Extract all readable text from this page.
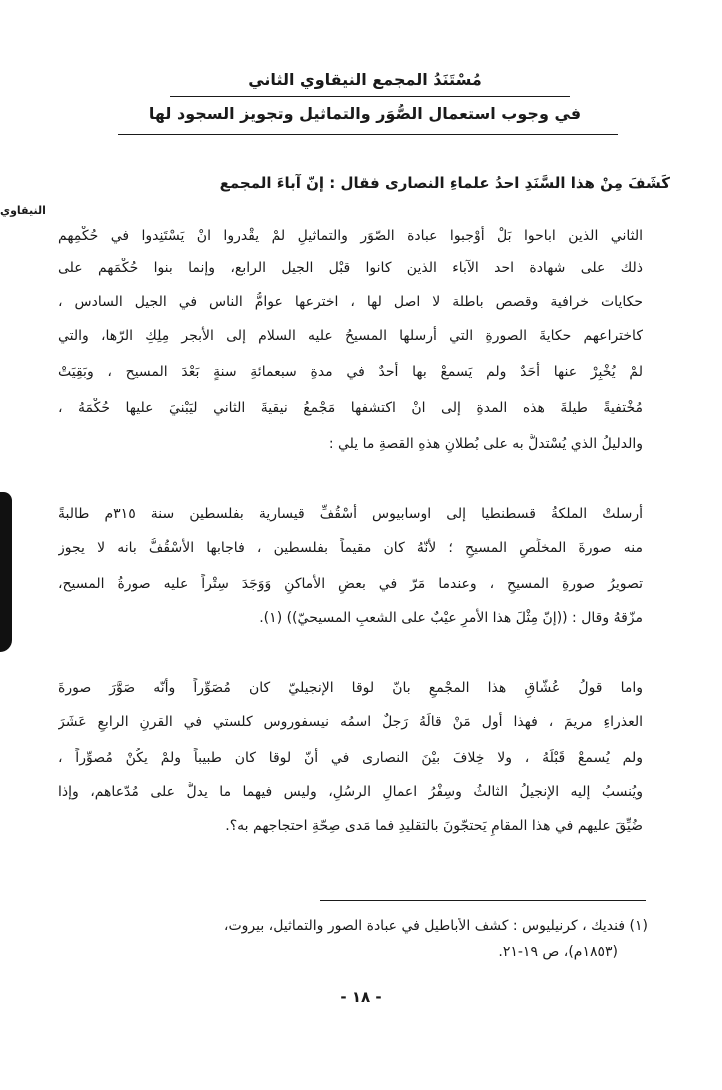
مُسْتَنَدُ المجمع النيقاوي الثاني
في وجوب استعمال الصُّوَر والتماثيل وتجويز السجود لها
كَشَفَ مِنْ هذا السَّنَدِ احدُ علماءِ النصارى فقال : إنّ آباءَ المجمع
النيقاوي
الثاني الذين اباحوا بَلْ أَوْجبوا عبادة الصّوَر والتماثيلِ لمْ يقْدروا انْ يَسْتَنِدوا في حُكْمِهم
ذلك على شهادة احد الآباء الذين كانوا قبْل الجيل الرابع، وإنما بنوا حُكْمَهم على
حكايات خرافية وقصص باطلة لا اصل لها ، اخترعها عوامُّ الناس في الجيل السادس ،
كاختراعهم حكايةَ الصورةِ التي أرسلها المسيحُ عليه السلام إلى الأبجر مِلِكِ الرّها، والتي
لمْ يُخْبِرْ عنها أحَدٌ ولم يَسمعْ بها أحدٌ في مدةِ سبعمائةِ سنةٍ بَعْدَ المسيح ، وبَقِيَتْ
مُخْتفيةً طيلةَ هذه المدةِ إلى انْ اكتشفها مَجْمعُ نيقيةَ الثاني ليَبْنيَ عليها حُكْمَهُ ،
والدليلُ الذي يُسْتدلُّ به على بُطلانِ هذهِ القصةِ ما يلي :
أرسلتْ الملكةُ قسطنطيا إلى اوسابيوس أسْقُفِّ قيسارية بفلسطين سنة ٣١٥م طالبةً
منه صورةَ المخلِّصِ المسيحِ ؛ لأنّهُ كان مقيماً بفلسطين ، فاجابها الأسْقُفُّ بانه لا يجوز
تصويرُ صورةِ المسيحِ ، وعندما مَرّ في بعضِ الأماكنِ وَوَجَدَ سِتْراً عليه صورةُ المسيح،
مزّقهُ وقال : ((إنّ مِثْلَ هذا الأمرِ عيْبٌ على الشعبِ المسيحيّ)) (١).
واما قولُ عُشّاقِ هذا المجْمعِ بانّ لوقا الإنجيليّ كان مُصَوِّراً وأنّه صَوَّرَ صورةَ
العذراءِ مريمَ ، فهذا أول مَنْ قالَهُ رَجلٌ اسمُه نيسفوروس كلستي في القرنِ الرابعِ عَشَرَ
ولم يُسمعْ قَبْلَهُ ، ولا خِلافَ بيْنَ النصارى في أنّ لوقا كان طبيباً ولمْ يكُنْ مُصوِّراً ،
ويُنسبُ إليه الإنجيلُ الثالثُ وسِفْرُ اعمالِ الرسُلِ، وليس فيهما ما يدلُّ على مُدّعاهم، وإذا
ضُيِّقَ عليهم في هذا المقامِ يَحتجّونَ بالتقليدِ فما مَدى صِحّةِ احتجاجهم به؟.
(١) فنديك ، كرنيليوس : كشف الأباطيل في عبادة الصور والتماثيل، بيروت،
(١٨٥٣م)، ص ١٩-٢١.
- ١٨ -
